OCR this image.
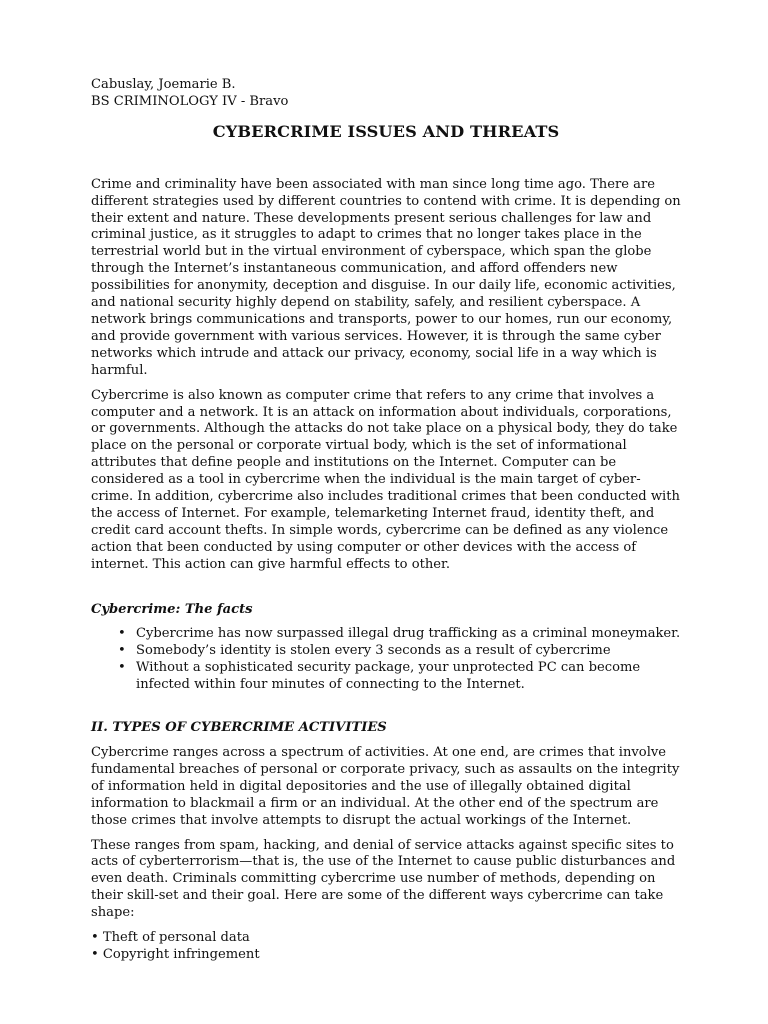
Cabuslay, Joemarie B.

BS CRIMINOLOGY IV - Bravo

CYBERCRIME ISSUES AND THREATS

Crime and criminality have been associated with man since long time ago. There are different strategies used by different countries to contend with crime. It is depending on their extent and nature. These developments present serious challenges for law and criminal justice, as it struggles to adapt to crimes that no longer takes place in the terrestrial world but in the virtual environment of cyberspace, which span the globe through the Internet’s instantaneous communication, and afford offenders new possibilities for anonymity, deception and disguise. In our daily life, economic activities, and national security highly depend on stability, safely, and resilient cyberspace. A network brings communications and transports, power to our homes, run our economy, and provide government with various services. However, it is through the same cyber networks which intrude and attack our privacy, economy, social life in a way which is harmful.

Cybercrime is also known as computer crime that refers to any crime that involves a computer and a network. It is an attack on information about individuals, corporations, or governments. Although the attacks do not take place on a physical body, they do take place on the personal or corporate virtual body, which is the set of informational attributes that define people and institutions on the Internet. Computer can be considered as a tool in cybercrime when the individual is the main target of cyber-crime. In addition, cybercrime also includes traditional crimes that been conducted with the access of Internet. For example, telemarketing Internet fraud, identity theft, and credit card account thefts. In simple words, cybercrime can be defined as any violence action that been conducted by using computer or other devices with the access of internet. This action can give harmful effects to other.

Cybercrime: The facts

• Cybercrime has now surpassed illegal drug trafficking as a criminal moneymaker.
• Somebody’s identity is stolen every 3 seconds as a result of cybercrime
• Without a sophisticated security package, your unprotected PC can become infected within four minutes of connecting to the Internet.

II. TYPES OF CYBERCRIME ACTIVITIES

Cybercrime ranges across a spectrum of activities. At one end, are crimes that involve fundamental breaches of personal or corporate privacy, such as assaults on the integrity of information held in digital depositories and the use of illegally obtained digital information to blackmail a firm or an individual. At the other end of the spectrum are those crimes that involve attempts to disrupt the actual workings of the Internet.

These ranges from spam, hacking, and denial of service attacks against specific sites to acts of cyberterrorism—that is, the use of the Internet to cause public disturbances and even death. Criminals committing cybercrime use number of methods, depending on their skill-set and their goal. Here are some of the different ways cybercrime can take shape:

• Theft of personal data
• Copyright infringement
